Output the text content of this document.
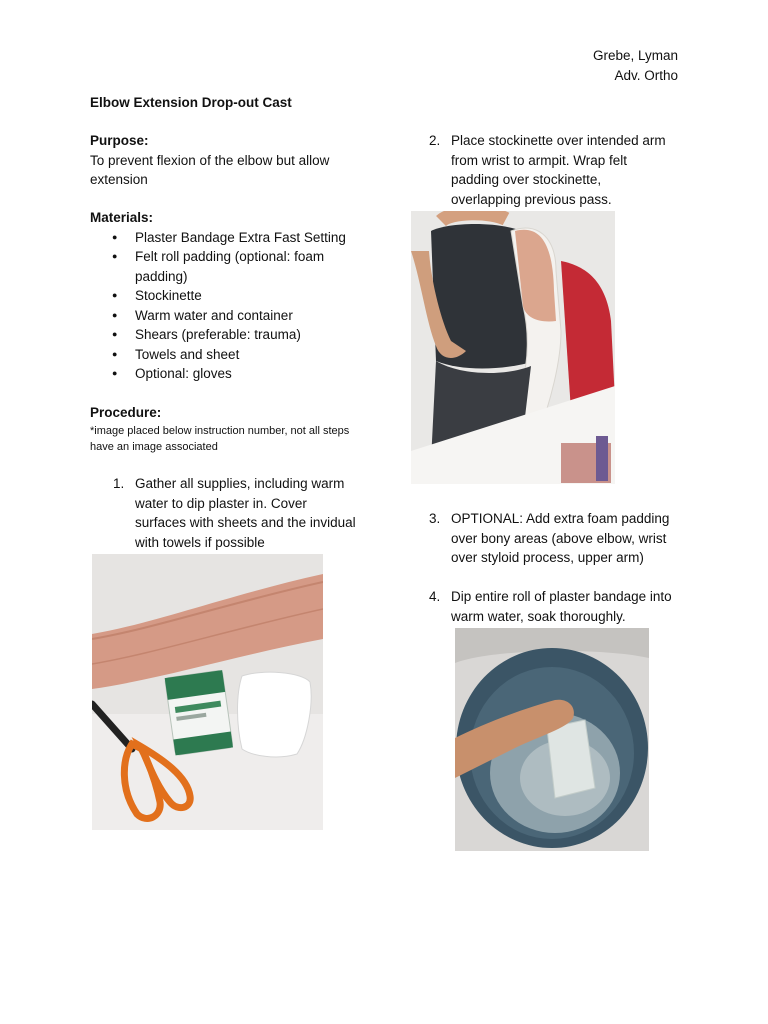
Grebe, Lyman
Adv. Ortho
Elbow Extension Drop-out Cast
Purpose:
To prevent flexion of the elbow but allow
extension
Materials:
● Plaster Bandage Extra Fast Setting
● Felt roll padding (optional: foam
padding)
● Stockinette
● Warm water and container
● Shears (preferable: trauma)
● Towels and sheet
● Optional: gloves
Procedure:
*image placed below instruction number, not all steps
have an image associated
1. Gather all supplies, including warm
water to dip plaster in. Cover
surfaces with sheets and the invidual
with towels if possible
2. Place stockinette over intended arm
from wrist to armpit. Wrap felt
padding over stockinette,
overlapping previous pass.
3. OPTIONAL: Add extra foam padding
over bony areas (above elbow, wrist
over styloid process, upper arm)
4. Dip entire roll of plaster bandage into
warm water, soak thoroughly.
